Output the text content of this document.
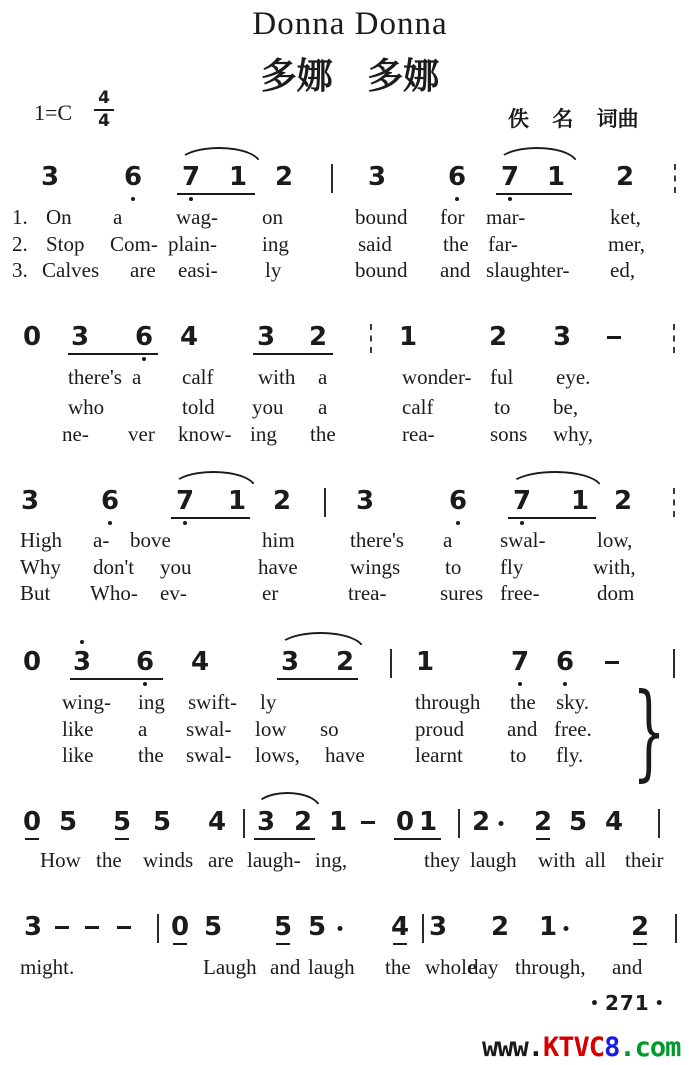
Donna Donna
多娜 多娜
1=C
4
4	佚 名 词曲
3 6 7 1 2	3 6 7 1 2
1. On a	wag- on	bound for mar-	ket,
2. Stop Com- plain- ing	said the far-	mer,
3. Calves are easi- ly	bound and slaughter- ed,
0 3 6 4 3 2	1	2 3
there's a calf with a	wonder- ful eye.
who	told you a	calf	to be,
ne- ver know- ing the	rea-	sons why,
3 6 7 1 2 3	6 7 1 2
High a- bove	him	there's a swal- low,
Why don't you	have wings to fly	with,
But Who- ev-	er	trea-	sures free-	dom
0 3 6 4	3 2 1	7 6
wing- ing swift- ly	through the sky.
like a swal- low so	proud and free.
like the swal- lows, have learnt to fly. }
0 5 5 5 4 3 2 1 0 1 2 2 5 4
How the winds are laugh- ing,	they laugh with all their
3	0 5 5 5 4 3 2 1	2
might.	Laugh and laugh the whole
day through, and
• 271 •
www.KTVC8.com
